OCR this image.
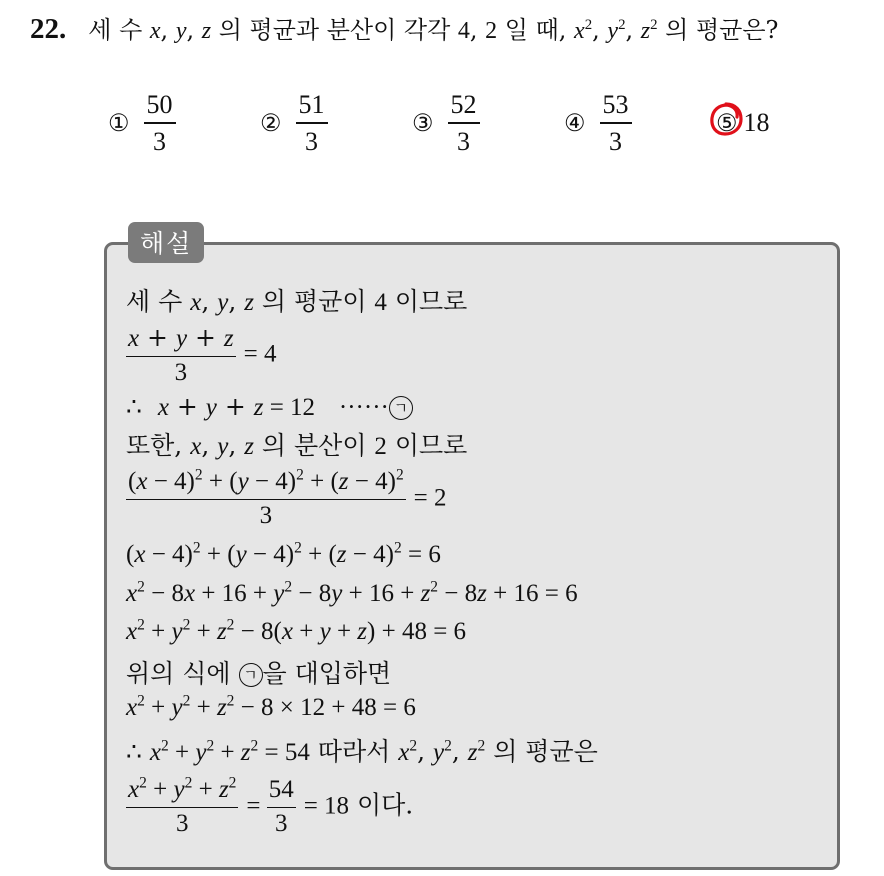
22. 세 수 x, y, z 의 평균과 분산이 각각 4, 2 일 때, $x^2$, $y^2$, $z^2$ 의 평균은?
① $\frac{50}{3}$	② $\frac{51}{3}$	③ $\frac{52}{3}$	④ $\frac{53}{3}$	⑤ 18
해설
세 수 x, y, z 의 평균이 4 이므로
$\frac{x + y + z}{3} = 4$
∴ x + y + z = 12 ······ ㄱ
또한, x, y, z 의 분산이 2 이므로
$\frac{(x - 4)^2 + (y - 4)^2 + (z - 4)^2}{3} = 2$
$(x - 4)^2 + (y - 4)^2 + (z - 4)^2 = 6$
$x^2 - 8x + 16 + y^2 - 8y + 16 + z^2 - 8z + 16 = 6$
$x^2 + y^2 + z^2 - 8(x + y + z) + 48 = 6$
위의 식에 ㄱ 을 대입하면
$x^2 + y^2 + z^2 - 8 \times 12 + 48 = 6$
∴ $x^2 + y^2 + z^2 = 54$ 따라서 $x^2$, $y^2$, $z^2$ 의 평균은
$\frac{x^2 + y^2 + z^2}{3} = \frac{54}{3} = 18$ 이다.
